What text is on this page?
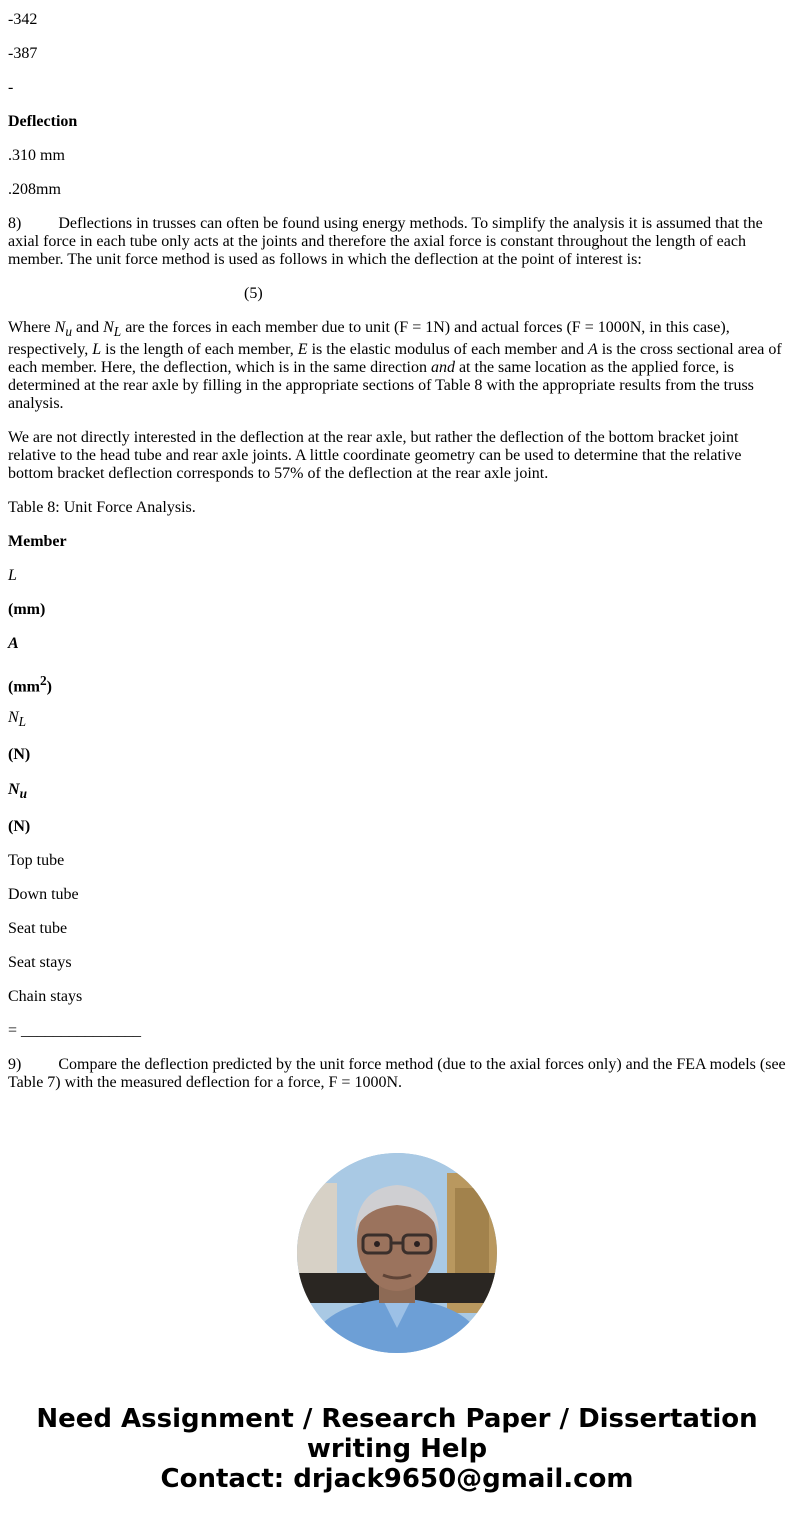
-342

-387

-

Deflection

.310 mm

.208mm

8) Deflections in trusses can often be found using energy methods. To simplify the analysis it is assumed that the axial force in each tube only acts at the joints and therefore the axial force is constant throughout the length of each member. The unit force method is used as follows in which the deflection at the point of interest is:

(5)

Where $N_u$ and $N_L$ are the forces in each member due to unit (F = 1N) and actual forces (F = 1000N, in this case), respectively, L is the length of each member, E is the elastic modulus of each member and A is the cross sectional area of each member. Here, the deflection, which is in the same direction and at the same location as the applied force, is determined at the rear axle by filling in the appropriate sections of Table 8 with the appropriate results from the truss analysis.

We are not directly interested in the deflection at the rear axle, but rather the deflection of the bottom bracket joint relative to the head tube and rear axle joints. A little coordinate geometry can be used to determine that the relative bottom bracket deflection corresponds to 57% of the deflection at the rear axle joint.

Table 8: Unit Force Analysis.

Member

L

(mm)

A

$(mm^2)$

$N_L$

(N)

$N_u$

(N)

Top tube

Down tube

Seat tube

Seat stays

Chain stays

= _______________

9) Compare the deflection predicted by the unit force method (due to the axial forces only) and the FEA models (see Table 7) with the measured deflection for a force, F = 1000N.

Need Assignment / Research Paper / Dissertation
writing Help
Contact: drjack9650@gmail.com
